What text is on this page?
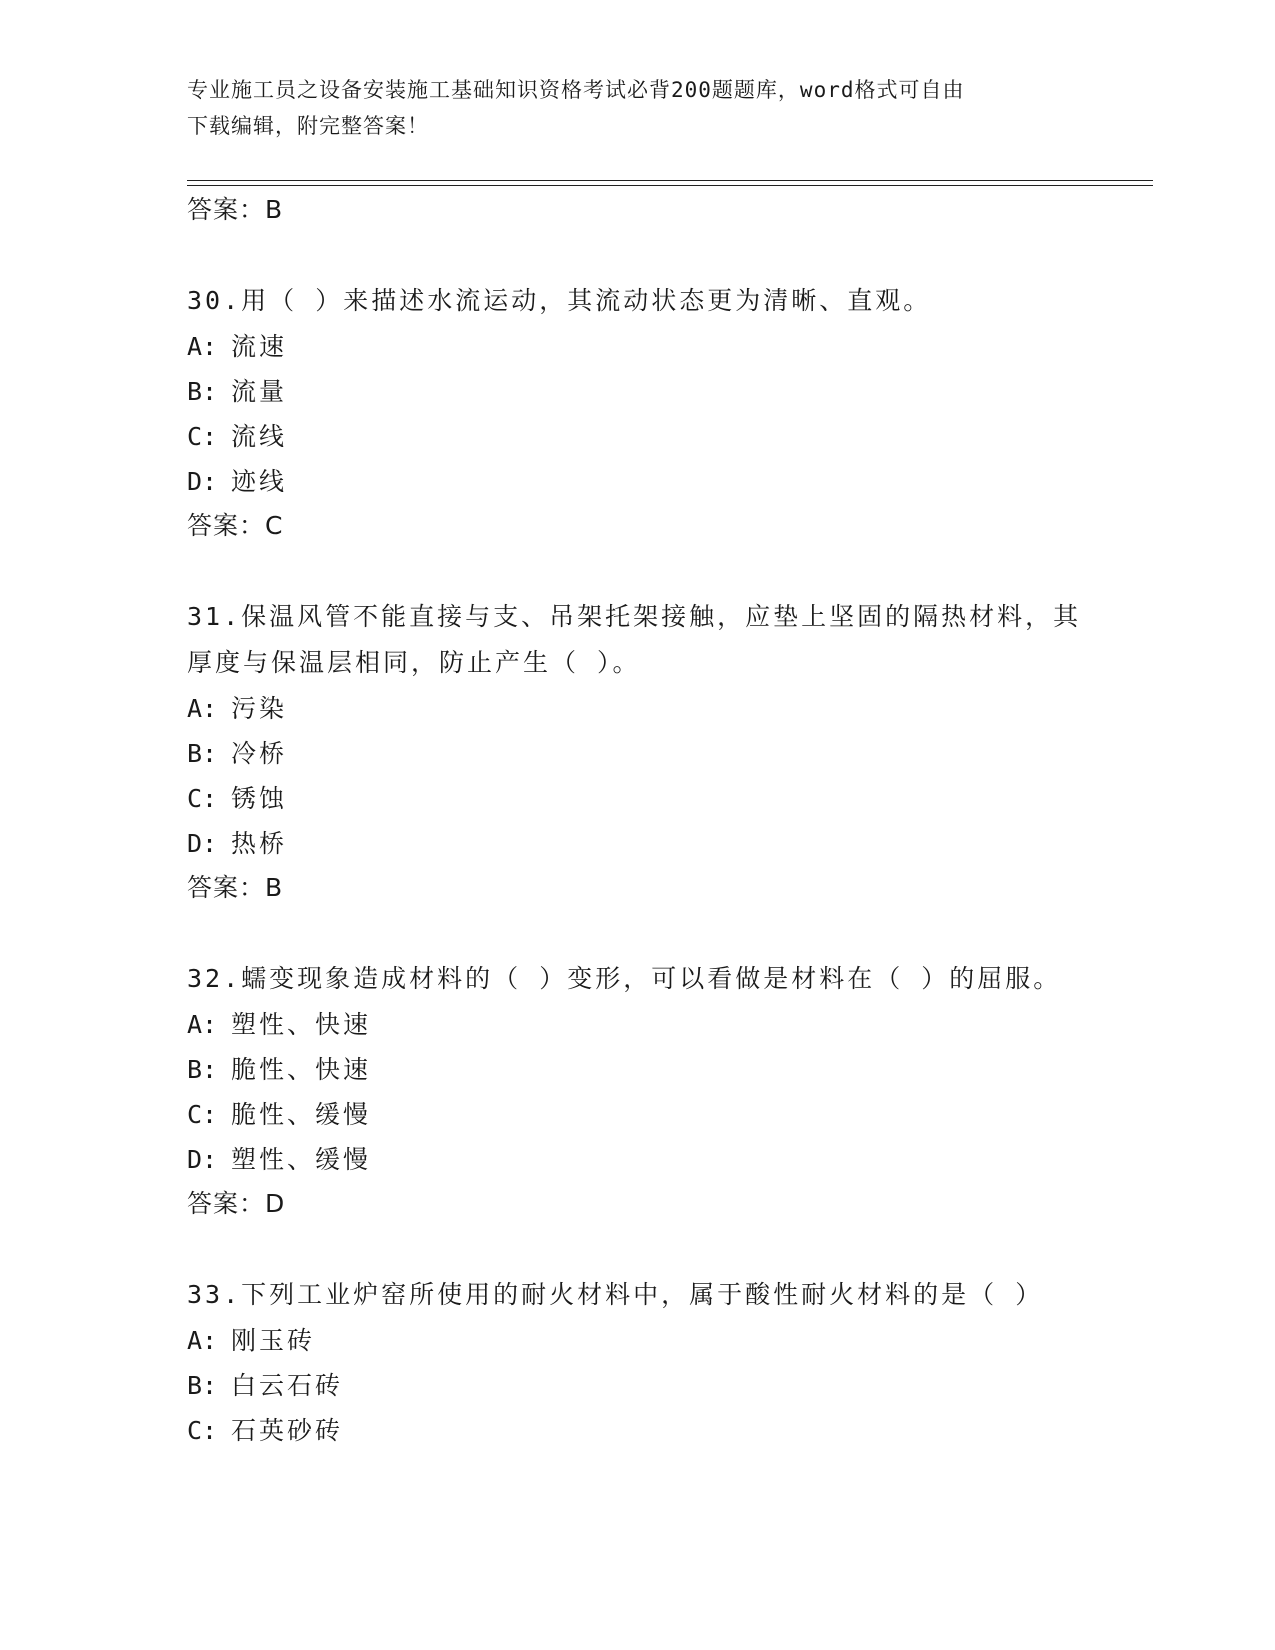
专业施工员之设备安装施工基础知识资格考试必背200题题库，word格式可自由
下载编辑，附完整答案！
答案：B
30.用（ ）来描述水流运动，其流动状态更为清晰、直观。
A: 流速
B: 流量
C: 流线
D: 迹线
答案：C
31.保温风管不能直接与支、吊架托架接触，应垫上坚固的隔热材料，其厚度与保温层相同，防止产生（ ）。
A: 污染
B: 冷桥
C: 锈蚀
D: 热桥
答案：B
32.蠕变现象造成材料的（ ）变形，可以看做是材料在（ ）的屈服。
A: 塑性、快速
B: 脆性、快速
C: 脆性、缓慢
D: 塑性、缓慢
答案：D
33.下列工业炉窑所使用的耐火材料中，属于酸性耐火材料的是（ ）
A: 刚玉砖
B: 白云石砖
C: 石英砂砖
